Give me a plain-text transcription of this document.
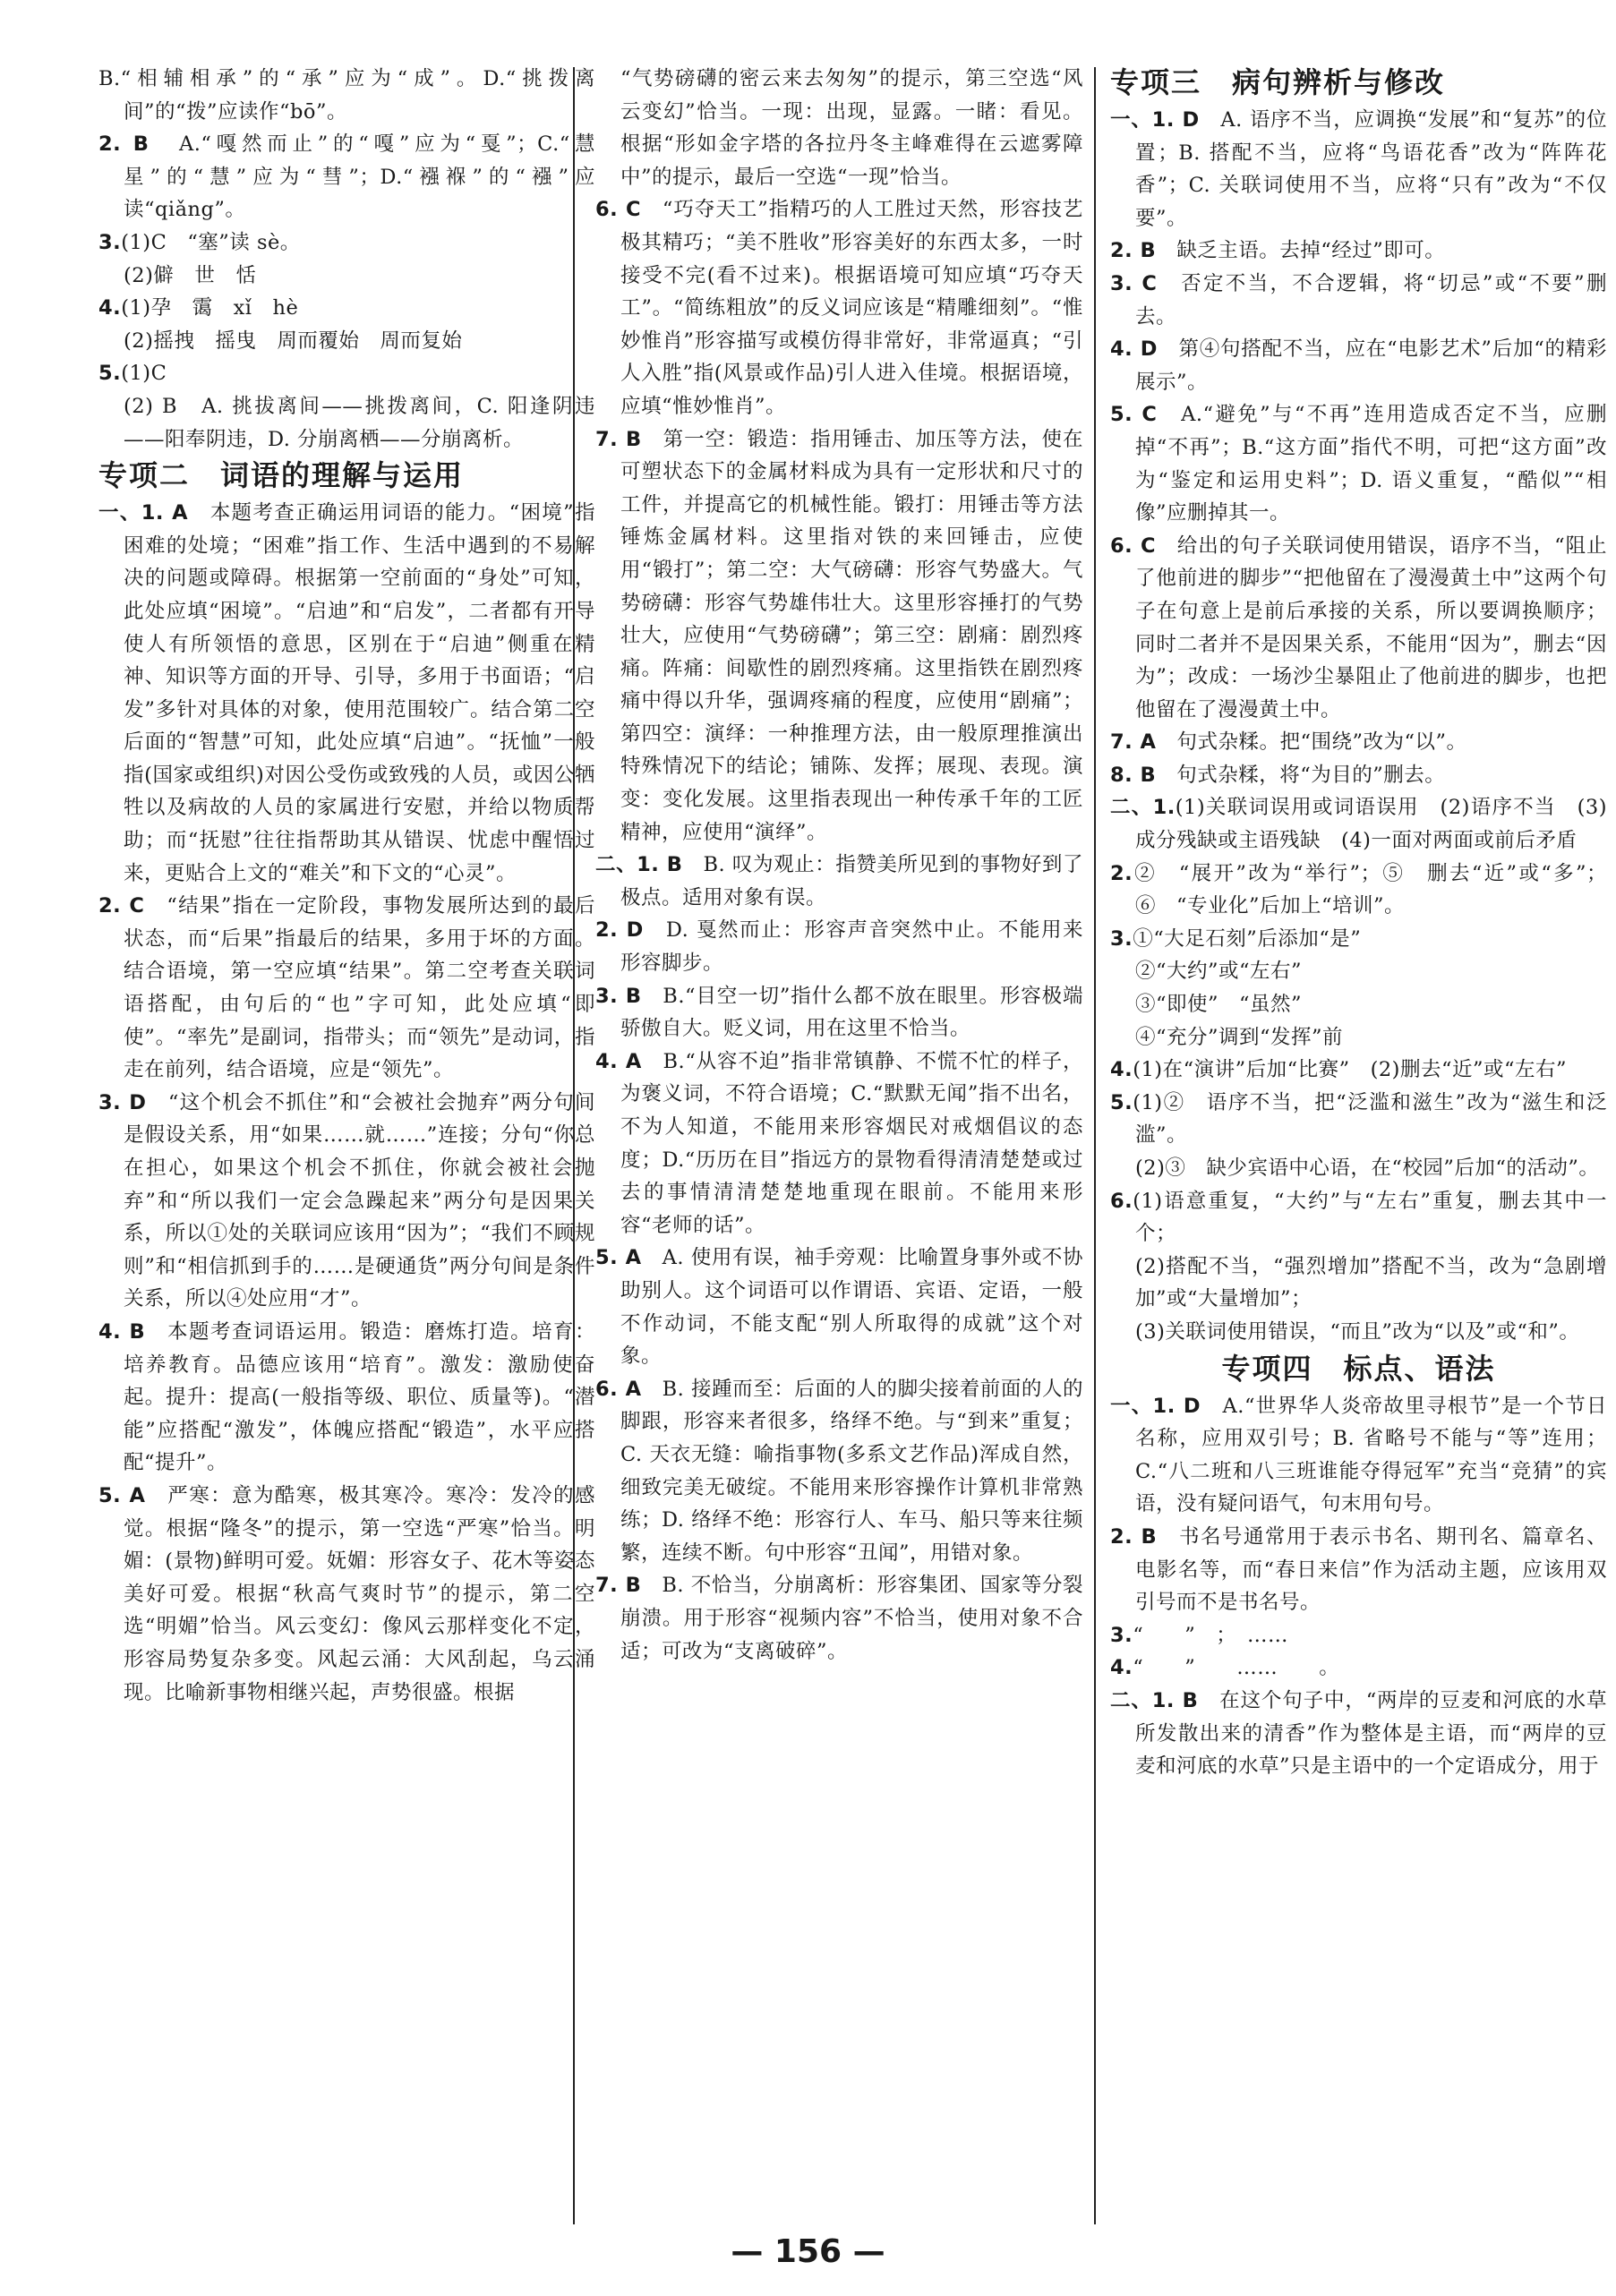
B.“相辅相承”的“承”应为“成”。D.“挑拨离间”的“拨”应读作“bō”。
2. B　A.“嘎然而止”的“嘎”应为“戛”；C.“慧星”的“慧”应为“彗”；D.“襁褓”的“襁”应读“qiǎng”。
3.(1)C　“塞”读 sè。
(2)僻　世　恬
4.(1)孕　霭　xǐ　hè
(2)摇拽　摇曳　周而覆始　周而复始
5.(1)C
(2) B　A. 挑拔离间——挑拨离间，C. 阳逢阴违——阳奉阴违，D. 分崩离栖——分崩离析。
专项二　词语的理解与运用
一、1. A　本题考查正确运用词语的能力。“困境”指困难的处境；“困难”指工作、生活中遇到的不易解决的问题或障碍。根据第一空前面的“身处”可知，此处应填“困境”。“启迪”和“启发”，二者都有开导使人有所领悟的意思，区别在于“启迪”侧重在精神、知识等方面的开导、引导，多用于书面语；“启发”多针对具体的对象，使用范围较广。结合第二空后面的“智慧”可知，此处应填“启迪”。“抚恤”一般指(国家或组织)对因公受伤或致残的人员，或因公牺牲以及病故的人员的家属进行安慰，并给以物质帮助；而“抚慰”往往指帮助其从错误、忧虑中醒悟过来，更贴合上文的“难关”和下文的“心灵”。
2. C　“结果”指在一定阶段，事物发展所达到的最后状态，而“后果”指最后的结果，多用于坏的方面。结合语境，第一空应填“结果”。第二空考查关联词语搭配，由句后的“也”字可知，此处应填“即使”。“率先”是副词，指带头；而“领先”是动词，指走在前列，结合语境，应是“领先”。
3. D　“这个机会不抓住”和“会被社会抛弃”两分句间是假设关系，用“如果……就……”连接；分句“你总在担心，如果这个机会不抓住，你就会被社会抛弃”和“所以我们一定会急躁起来”两分句是因果关系，所以①处的关联词应该用“因为”；“我们不顾规则”和“相信抓到手的……是硬通货”两分句间是条件关系，所以④处应用“才”。
4. B　本题考查词语运用。锻造：磨炼打造。培育：培养教育。品德应该用“培育”。激发：激励使奋起。提升：提高(一般指等级、职位、质量等)。“潜能”应搭配“激发”，体魄应搭配“锻造”，水平应搭配“提升”。
5. A　严寒：意为酷寒，极其寒冷。寒冷：发冷的感觉。根据“隆冬”的提示，第一空选“严寒”恰当。明媚：(景物)鲜明可爱。妩媚：形容女子、花木等姿态美好可爱。根据“秋高气爽时节”的提示，第二空选“明媚”恰当。风云变幻：像风云那样变化不定，形容局势复杂多变。风起云涌：大风刮起，乌云涌现。比喻新事物相继兴起，声势很盛。根据
“气势磅礴的密云来去匆匆”的提示，第三空选“风云变幻”恰当。一现：出现，显露。一睹：看见。根据“形如金字塔的各拉丹冬主峰难得在云遮雾障中”的提示，最后一空选“一现”恰当。
6. C　“巧夺天工”指精巧的人工胜过天然，形容技艺极其精巧；“美不胜收”形容美好的东西太多，一时接受不完(看不过来)。根据语境可知应填“巧夺天工”。“简练粗放”的反义词应该是“精雕细刻”。“惟妙惟肖”形容描写或模仿得非常好，非常逼真；“引人入胜”指(风景或作品)引人进入佳境。根据语境，应填“惟妙惟肖”。
7. B　第一空：锻造：指用锤击、加压等方法，使在可塑状态下的金属材料成为具有一定形状和尺寸的工件，并提高它的机械性能。锻打：用锤击等方法锤炼金属材料。这里指对铁的来回锤击，应使用“锻打”；第二空：大气磅礴：形容气势盛大。气势磅礴：形容气势雄伟壮大。这里形容捶打的气势壮大，应使用“气势磅礴”；第三空：剧痛：剧烈疼痛。阵痛：间歇性的剧烈疼痛。这里指铁在剧烈疼痛中得以升华，强调疼痛的程度，应使用“剧痛”；第四空：演绎：一种推理方法，由一般原理推演出特殊情况下的结论；铺陈、发挥；展现、表现。演变：变化发展。这里指表现出一种传承千年的工匠精神，应使用“演绎”。
二、1. B　B. 叹为观止：指赞美所见到的事物好到了极点。适用对象有误。
2. D　D. 戛然而止：形容声音突然中止。不能用来形容脚步。
3. B　B.“目空一切”指什么都不放在眼里。形容极端骄傲自大。贬义词，用在这里不恰当。
4. A　B.“从容不迫”指非常镇静、不慌不忙的样子，为褒义词，不符合语境；C.“默默无闻”指不出名，不为人知道，不能用来形容烟民对戒烟倡议的态度；D.“历历在目”指远方的景物看得清清楚楚或过去的事情清清楚楚地重现在眼前。不能用来形容“老师的话”。
5. A　A. 使用有误，袖手旁观：比喻置身事外或不协助别人。这个词语可以作谓语、宾语、定语，一般不作动词，不能支配“别人所取得的成就”这个对象。
6. A　B. 接踵而至：后面的人的脚尖接着前面的人的脚跟，形容来者很多，络绎不绝。与“到来”重复；C. 天衣无缝：喻指事物(多系文艺作品)浑成自然，细致完美无破绽。不能用来形容操作计算机非常熟练；D. 络绎不绝：形容行人、车马、船只等来往频繁，连续不断。句中形容“丑闻”，用错对象。
7. B　B. 不恰当，分崩离析：形容集团、国家等分裂崩溃。用于形容“视频内容”不恰当，使用对象不合适；可改为“支离破碎”。
专项三　病句辨析与修改
一、1. D　A. 语序不当，应调换“发展”和“复苏”的位置；B. 搭配不当，应将“鸟语花香”改为“阵阵花香”；C. 关联词使用不当，应将“只有”改为“不仅要”。
2. B　缺乏主语。去掉“经过”即可。
3. C　否定不当，不合逻辑，将“切忌”或“不要”删去。
4. D　第④句搭配不当，应在“电影艺术”后加“的精彩展示”。
5. C　A.“避免”与“不再”连用造成否定不当，应删掉“不再”；B.“这方面”指代不明，可把“这方面”改为“鉴定和运用史料”；D. 语义重复，“酷似”“相像”应删掉其一。
6. C　给出的句子关联词使用错误，语序不当，“阻止了他前进的脚步”“把他留在了漫漫黄土中”这两个句子在句意上是前后承接的关系，所以要调换顺序；同时二者并不是因果关系，不能用“因为”，删去“因为”；改成：一场沙尘暴阻止了他前进的脚步，也把他留在了漫漫黄土中。
7. A　句式杂糅。把“围绕”改为“以”。
8. B　句式杂糅，将“为目的”删去。
二、1.(1)关联词误用或词语误用　(2)语序不当　(3)成分残缺或主语残缺　(4)一面对两面或前后矛盾
2.②　“展开”改为“举行”；⑤　删去“近”或“多”；⑥　“专业化”后加上“培训”。
3.①“大足石刻”后添加“是”
②“大约”或“左右”
③“即使”　“虽然”
④“充分”调到“发挥”前
4.(1)在“演讲”后加“比赛”　(2)删去“近”或“左右”
5.(1)②　语序不当，把“泛滥和滋生”改为“滋生和泛滥”。
(2)③　缺少宾语中心语，在“校园”后加“的活动”。
6.(1)语意重复，“大约”与“左右”重复，删去其中一个；
(2)搭配不当，“强烈增加”搭配不当，改为“急剧增加”或“大量增加”；
(3)关联词使用错误，“而且”改为“以及”或“和”。
专项四　标点、语法
一、1. D　A.“世界华人炎帝故里寻根节”是一个节日名称，应用双引号；B. 省略号不能与“等”连用；C.“八二班和八三班谁能夺得冠军”充当“竞猜”的宾语，没有疑问语气，句末用句号。
2. B　书名号通常用于表示书名、期刊名、篇章名、电影名等，而“春日来信”作为活动主题，应该用双引号而不是书名号。
3.“　　”　；　……
4.“　　”　　……　　。
二、1. B　在这个句子中，“两岸的豆麦和河底的水草所发散出来的清香”作为整体是主语，而“两岸的豆麦和河底的水草”只是主语中的一个定语成分，用于
— 156 —
